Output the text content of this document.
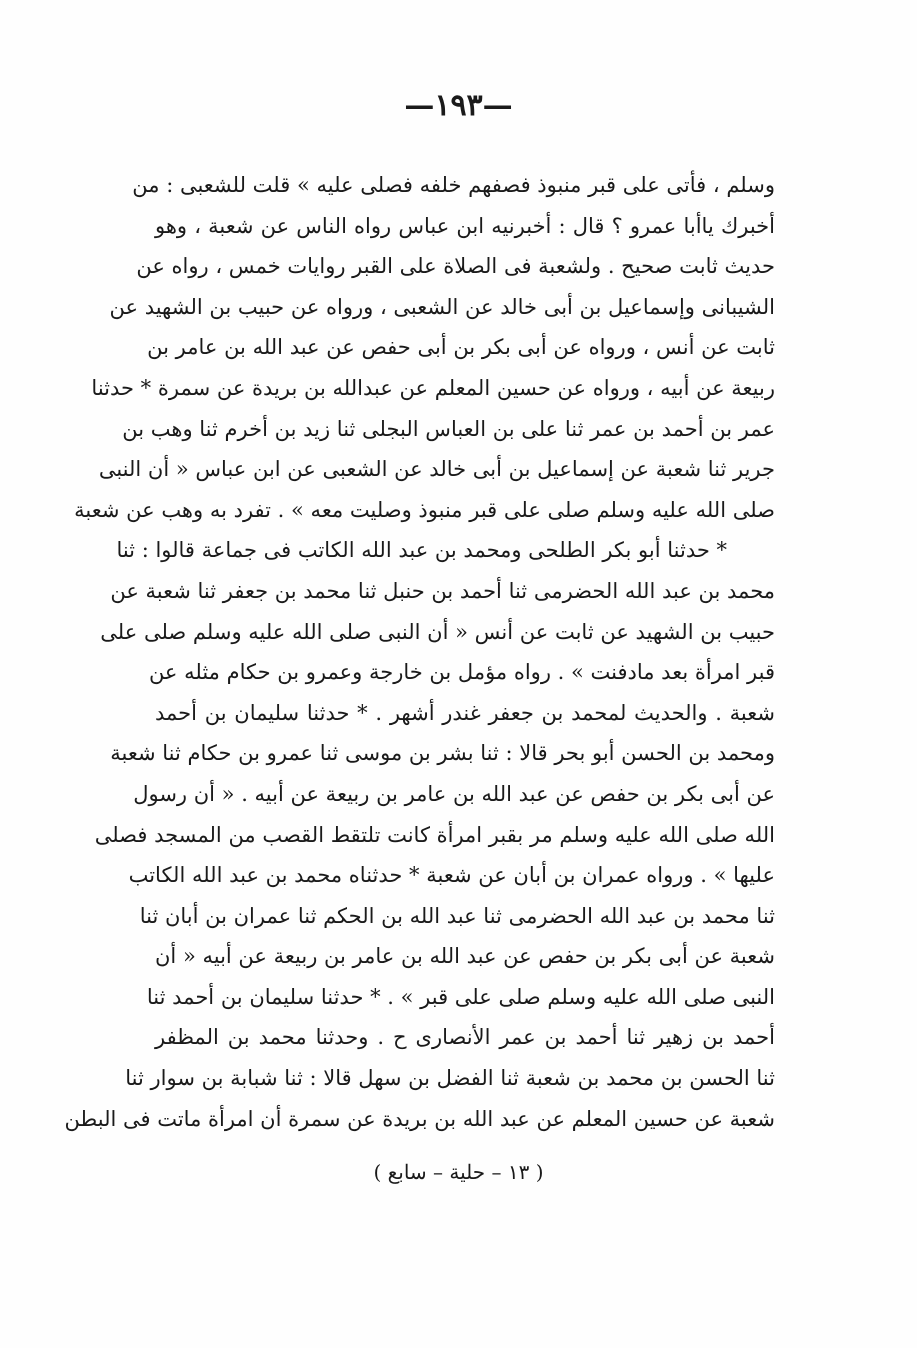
—١٩٣—
وسلم ، فأتى على قبر منبوذ فصفهم خلفه فصلى عليه » قلت للشعبى : من
أخبرك ياأبا عمرو ؟ قال : أخبرنيه ابن عباس رواه الناس عن شعبة ، وهو
حديث ثابت صحيح . ولشعبة فى الصلاة على القبر روايات خمس ، رواه عن
الشيبانى وإسماعيل بن أبى خالد عن الشعبى ، ورواه عن حبيب بن الشهيد عن
ثابت عن أنس ، ورواه عن أبى بكر بن أبى حفص عن عبد الله بن عامر بن
ربيعة عن أبيه ، ورواه عن حسين المعلم عن عبدالله بن بريدة عن سمرة * حدثنا
عمر بن أحمد بن عمر ثنا على بن العباس البجلى ثنا زيد بن أخرم ثنا وهب بن
جرير ثنا شعبة عن إسماعيل بن أبى خالد عن الشعبى عن ابن عباس « أن النبى
صلى الله عليه وسلم صلى على قبر منبوذ وصليت معه » . تفرد به وهب عن شعبة
* حدثنا أبو بكر الطلحى ومحمد بن عبد الله الكاتب فى جماعة قالوا : ثنا
محمد بن عبد الله الحضرمى ثنا أحمد بن حنبل ثنا محمد بن جعفر ثنا شعبة عن
حبيب بن الشهيد عن ثابت عن أنس « أن النبى صلى الله عليه وسلم صلى على
قبر امرأة بعد مادفنت » . رواه مؤمل بن خارجة وعمرو بن حكام مثله عن
شعبة . والحديث لمحمد بن جعفر غندر أشهر . * حدثنا سليمان بن أحمد
ومحمد بن الحسن أبو بحر قالا : ثنا بشر بن موسى ثنا عمرو بن حكام ثنا شعبة
عن أبى بكر بن حفص عن عبد الله بن عامر بن ربيعة عن أبيه . « أن رسول
الله صلى الله عليه وسلم مر بقبر امرأة كانت تلتقط القصب من المسجد فصلى
عليها » . ورواه عمران بن أبان عن شعبة * حدثناه محمد بن عبد الله الكاتب
ثنا محمد بن عبد الله الحضرمى ثنا عبد الله بن الحكم ثنا عمران بن أبان ثنا
شعبة عن أبى بكر بن حفص عن عبد الله بن عامر بن ربيعة عن أبيه « أن
النبى صلى الله عليه وسلم صلى على قبر » . * حدثنا سليمان بن أحمد ثنا
أحمد بن زهير ثنا أحمد بن عمر الأنصارى ح . وحدثنا محمد بن المظفر
ثنا الحسن بن محمد بن شعبة ثنا الفضل بن سهل قالا : ثنا شبابة بن سوار ثنا
شعبة عن حسين المعلم عن عبد الله بن بريدة عن سمرة أن امرأة ماتت فى البطن
( ١٣ – حلية – سابع )
